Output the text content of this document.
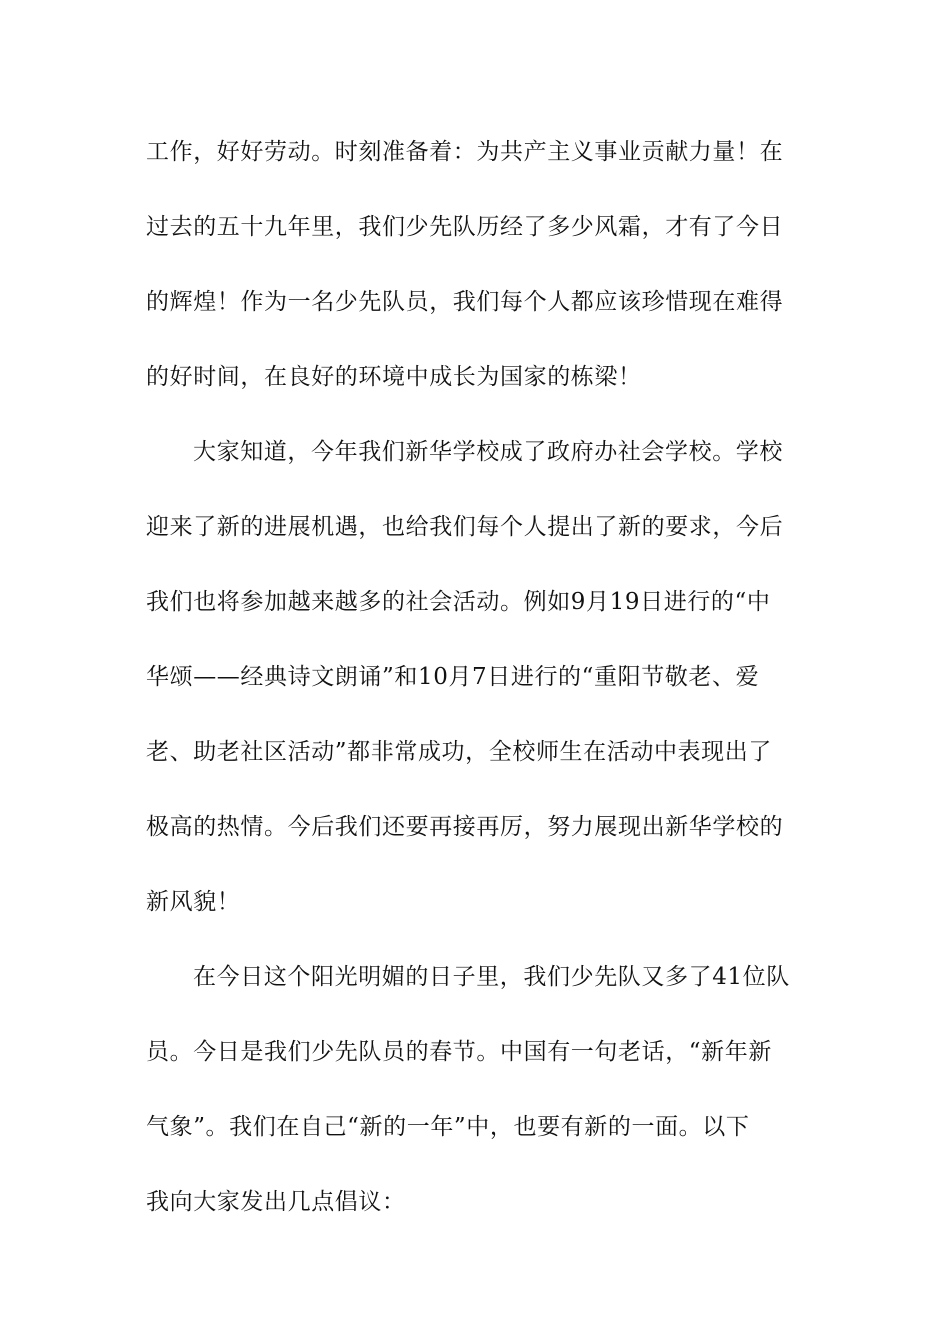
工作，好好劳动。时刻准备着：为共产主义事业贡献力量！在
过去的五十九年里，我们少先队历经了多少风霜，才有了今日
的辉煌！作为一名少先队员，我们每个人都应该珍惜现在难得
的好时间，在良好的环境中成长为国家的栋梁！
大家知道，今年我们新华学校成了政府办社会学校。学校
迎来了新的进展机遇，也给我们每个人提出了新的要求，今后
我们也将参加越来越多的社会活动。例如9月19日进行的“中
华颂——经典诗文朗诵”和10月7日进行的“重阳节敬老、爱
老、助老社区活动”都非常成功，全校师生在活动中表现出了
极高的热情。今后我们还要再接再厉，努力展现出新华学校的
新风貌！
在今日这个阳光明媚的日子里，我们少先队又多了41位队
员。今日是我们少先队员的春节。中国有一句老话，“新年新
气象”。我们在自己“新的一年”中，也要有新的一面。以下
我向大家发出几点倡议：
